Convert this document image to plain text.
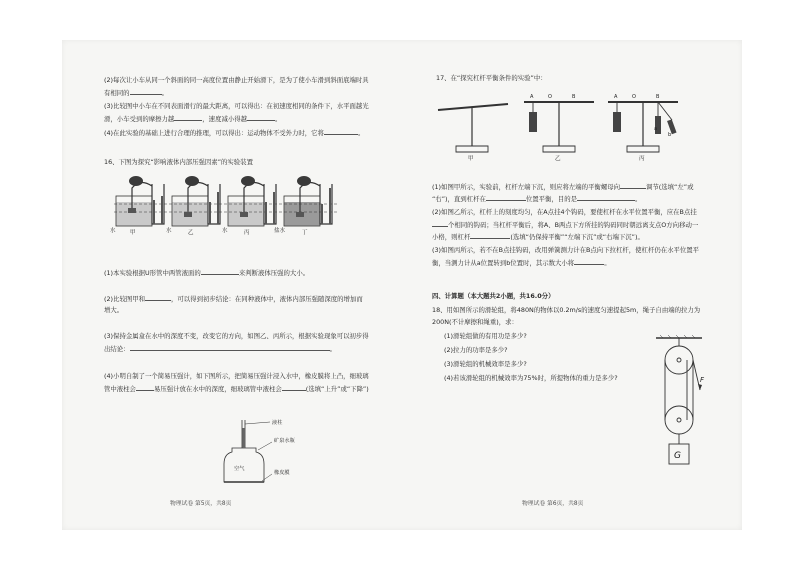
(2)每次让小车从同一个斜面的同一高度位置由静止开始滑下，是为了使小车滑到斜面底端时具
有相同的	。
(3)比较图中小车在不同表面滑行的最大距离，可以得出：在初速度相同的条件下，水平面越光
滑，小车受到的摩擦力越	，速度减小得越	。
(4)在此实验的基础上进行合理的推理，可以得出：运动物体不受外力时，它将	。
16、下图为探究“影响液体内部压强因素”的实验装置
水	甲	水	乙	水	丙	盐水	丁
(1)本实验根据U形管中两管液面的	来判断液体压强的大小。
(2)比较图甲和	，可以得到初步结论：在同种液体中，液体内部压强随深度的增加而
增大。
(3)保持金属盒在水中的深度不变，改变它的方向，如图乙、丙所示，根据实验现象可以初步得
出结论：	。
(4)小明自制了一个简易压强计，如下图所示，把简易压强计浸入水中，橡皮膜将上凸，细玻璃
管中液柱会	易压强计放在水中的深度，细玻璃管中液柱会	(选填“上升”或“下降”)
液柱
矿泉水瓶
空气
橡皮膜
物理试卷 第5页，共8页
17、在“探究杠杆平衡条件的实验”中：
A	O	B	A	O	B
a
b
甲	乙	丙
(1)如图甲所示，实验前，杠杆左端下沉，则应将左端的平衡螺母向	调节(选填“左”或
“右”)，直到杠杆在	位置平衡，目的是	。
(2)如图乙所示，杠杆上的刻度均匀，在A点挂4个钩码，要使杠杆在水平位置平衡，应在B点挂
个相同的钩码；当杠杆平衡后，将A、B两点下方所挂的钩码同时朝远离支点O方向移动一
小格，则杠杆	(选填“仍保持平衡”“左端下沉”或“右端下沉”)。
(3)如图丙所示，若不在B点挂钩码，改用弹簧测力计在B点向下拉杠杆，使杠杆仍在水平位置平
衡，当测力计从a位置转到b位置时，其示数大小将	。
四、计算题（本大题共2小题，共16.0分）
18、用如图所示的滑轮组，将480N的物体以0.2m/s的速度匀速提起5m，绳子自由端的拉力为
200N(不计摩擦和绳重)，求：
(1)滑轮组做的有用功是多少?
(2)拉力的功率是多少?
(3)滑轮组的机械效率是多少?
(4)若该滑轮组的机械效率为75%时，所提物体的重力是多少?	F
G
物理试卷 第6页，共8页
